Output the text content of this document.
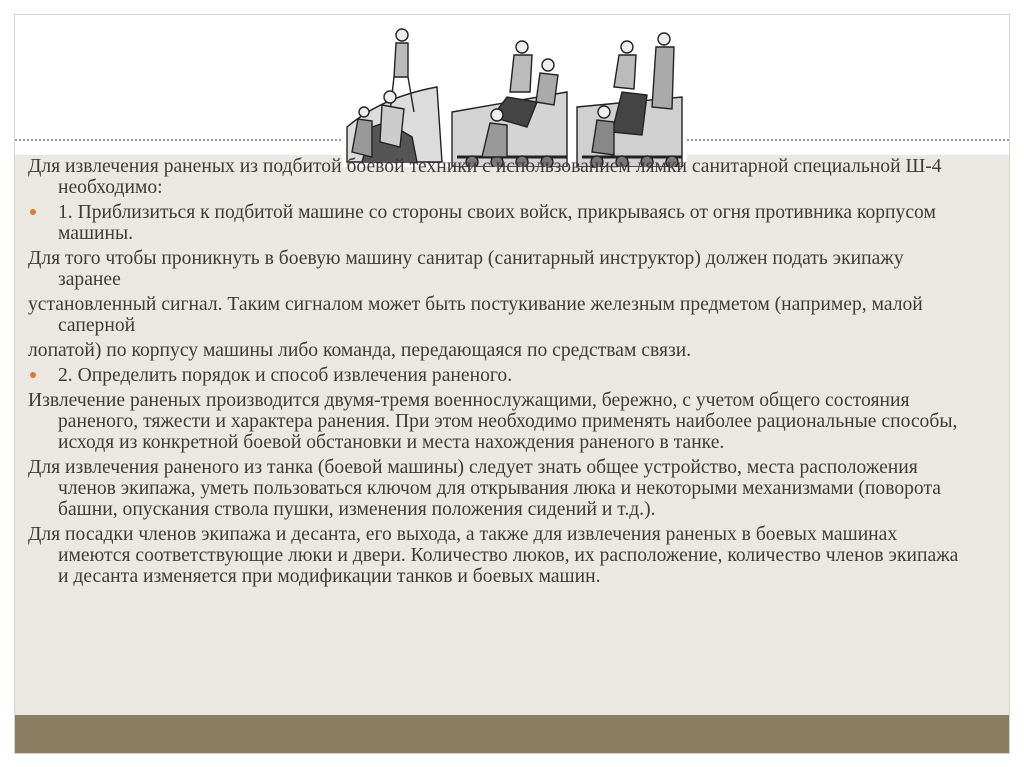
Для извлечения раненых из подбитой боевой техники с использованием лямки санитарной специальной Ш-4 необходимо:

1. Приблизиться к подбитой машине со стороны своих войск, прикрываясь от огня противника корпусом машины.

Для того чтобы проникнуть в боевую машину санитар (санитарный инструктор) должен подать экипажу заранее

установленный сигнал. Таким сигналом может быть постукивание железным предметом (например, малой саперной

лопатой) по корпусу машины либо команда, передающаяся по средствам связи.

2. Определить порядок и способ извлечения раненого.

Извлечение раненых производится двумя-тремя военнослужащими, бережно, с учетом общего состояния раненого, тяжести и характера ранения. При этом необходимо применять наиболее рациональные способы, исходя из конкретной боевой обстановки и места нахождения раненого в танке.

Для извлечения раненого из танка (боевой машины) следует знать общее устройство, места расположения членов экипажа, уметь пользоваться ключом для открывания люка и некоторыми механизмами (поворота башни, опускания ствола пушки, изменения положения сидений и т.д.).

Для посадки членов экипажа и десанта, его выхода, а также для извлечения раненых в боевых машинах имеются соответствующие люки и двери. Количество люков, их расположение, количество членов экипажа и десанта изменяется при модификации танков и боевых машин.
